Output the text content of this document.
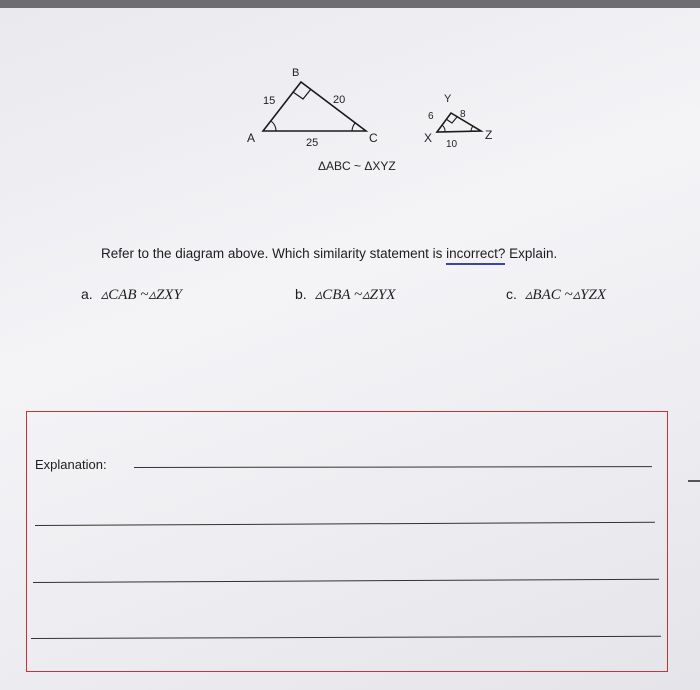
B
A	C
15	20
25
Y
X	Z
6	8
10
ΔABC ~ ΔXYZ
Refer to the diagram above. Which similarity statement is incorrect? Explain.
a. ▵CAB ~▵ZXY	b. ▵CBA ~▵ZYX	c. ▵BAC ~▵YZX
Explanation:
